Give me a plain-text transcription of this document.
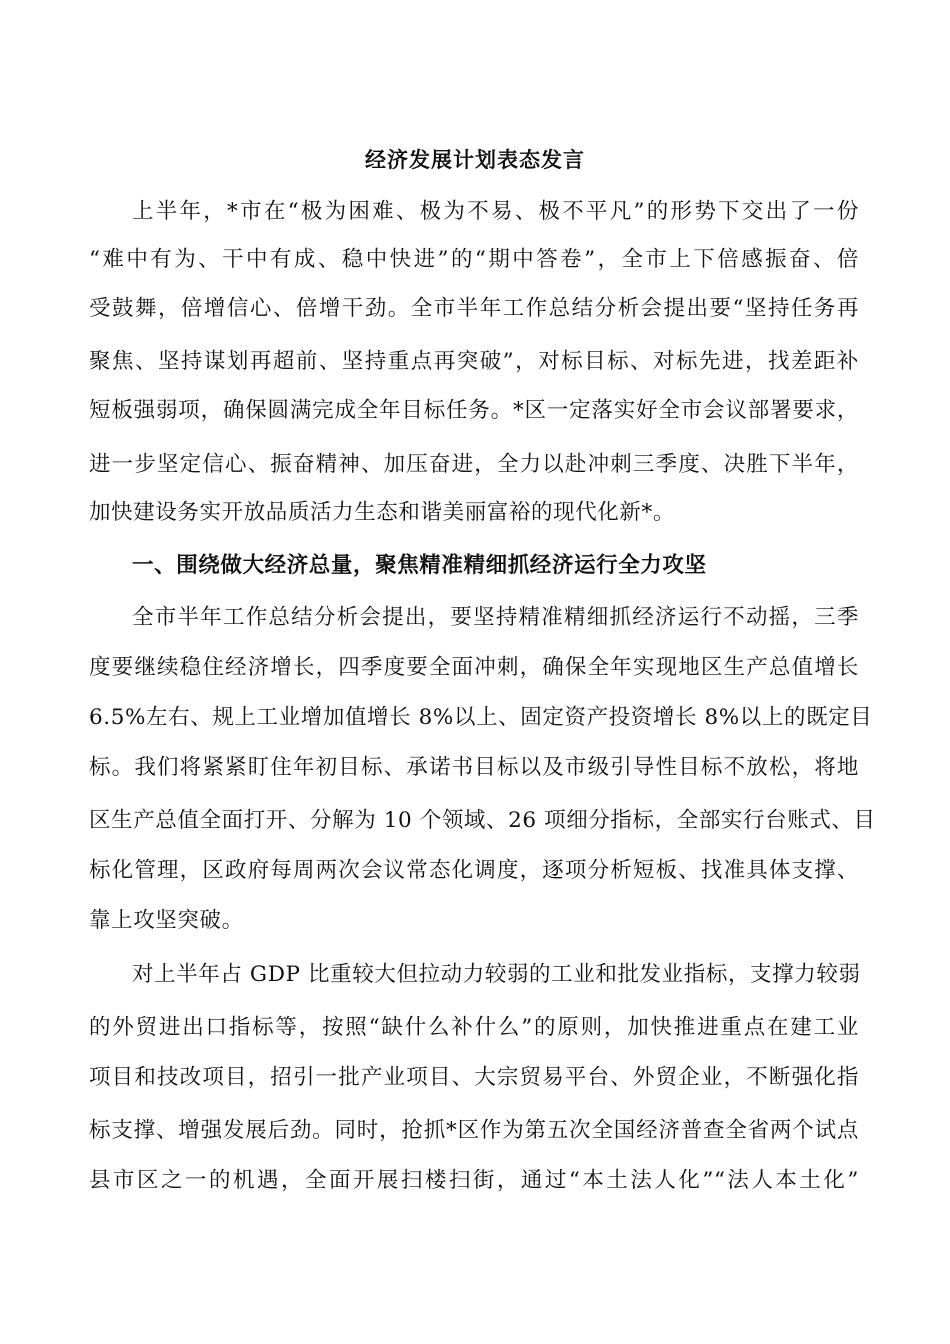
经济发展计划表态发言
上半年，*市在“极为困难、极为不易、极不平凡”的形势下交出了一份
“难中有为、干中有成、稳中快进”的“期中答卷”，全市上下倍感振奋、倍
受鼓舞，倍增信心、倍增干劲。全市半年工作总结分析会提出要“坚持任务再
聚焦、坚持谋划再超前、坚持重点再突破”，对标目标、对标先进，找差距补
短板强弱项，确保圆满完成全年目标任务。*区一定落实好全市会议部署要求，
进一步坚定信心、振奋精神、加压奋进，全力以赴冲刺三季度、决胜下半年，
加快建设务实开放品质活力生态和谐美丽富裕的现代化新*。
一、围绕做大经济总量，聚焦精准精细抓经济运行全力攻坚
全市半年工作总结分析会提出，要坚持精准精细抓经济运行不动摇，三季
度要继续稳住经济增长，四季度要全面冲刺，确保全年实现地区生产总值增长
6.5%左右、规上工业增加值增长 8%以上、固定资产投资增长 8%以上的既定目
标。我们将紧紧盯住年初目标、承诺书目标以及市级引导性目标不放松，将地
区生产总值全面打开、分解为 10 个领域、26 项细分指标，全部实行台账式、目
标化管理，区政府每周两次会议常态化调度，逐项分析短板、找准具体支撑、
靠上攻坚突破。
对上半年占 GDP 比重较大但拉动力较弱的工业和批发业指标，支撑力较弱
的外贸进出口指标等，按照“缺什么补什么”的原则，加快推进重点在建工业
项目和技改项目，招引一批产业项目、大宗贸易平台、外贸企业，不断强化指
标支撑、增强发展后劲。同时，抢抓*区作为第五次全国经济普查全省两个试点
县市区之一的机遇，全面开展扫楼扫街，通过“本土法人化”“法人本土化”
